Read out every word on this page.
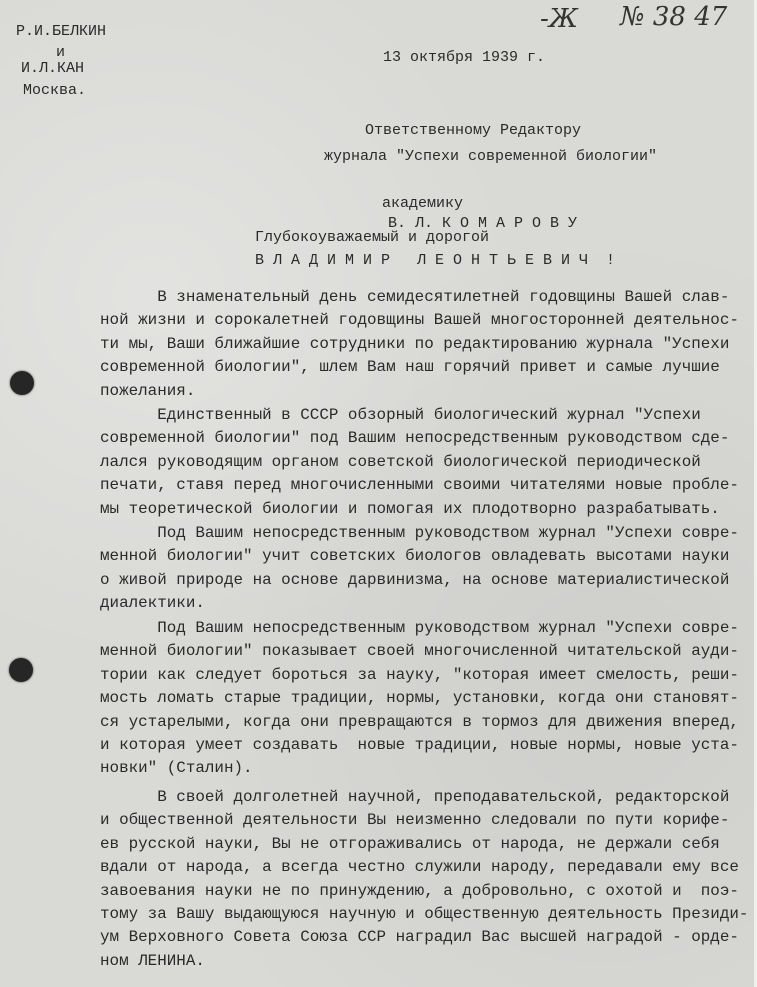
Р.И.БЕЛКИН
и
И.Л.КАН
Москва.
13 октября 1939 г.
-Ж № 38 47
Ответственному Редактору
журнала "Успехи современной биологии"

академику
В. Л. К О М А Р О В У

Глубокоуважаемый и дорогой
В Л А Д И М И Р   Л Е О Н Т Ь Е В И Ч  !
В знаменательный день семидесятилетней годовщины Вашей слав-
ной жизни и сорокалетней годовщины Вашей многосторонней деятельнос-
ти мы, Ваши ближайшие сотрудники по редактированию журнала "Успехи
современной биологии", шлем Вам наш горячий привет и самые лучшие
пожелания.
Единственный в СССР обзорный биологический журнал "Успехи
современной биологии" под Вашим непосредственным руководством сде-
лался руководящим органом советской биологической периодической
печати, ставя перед многочисленными своими читателями новые пробле-
мы теоретической биологии и помогая их плодотворно разрабатывать.
Под Вашим непосредственным руководством журнал "Успехи совре-
менной биологии" учит советских биологов овладевать высотами науки
о живой природе на основе дарвинизма, на основе материалистической
диалектики.
Под Вашим непосредственным руководством журнал "Успехи совре-
менной биологии" показывает своей многочисленной читательской ауди-
тории как следует бороться за науку, "которая имеет смелость, реши-
мость ломать старые традиции, нормы, установки, когда они становят-
ся устарелыми, когда они превращаются в тормоз для движения вперед,
и которая умеет создавать  новые традиции, новые нормы, новые уста-
новки" (Сталин).
В своей долголетней научной, преподавательской, редакторской
и общественной деятельности Вы неизменно следовали по пути корифе-
ев русской науки, Вы не отгораживались от народа, не держали себя
вдали от народа, а всегда честно служили народу, передавали ему все
завоевания науки не по принуждению, а добровольно, с охотой и  поэ-
тому за Вашу выдающуюся научную и общественную деятельность Президи-
ум Верховного Совета Союза ССР наградил Вас высшей наградой - орде-
ном ЛЕНИНА.
